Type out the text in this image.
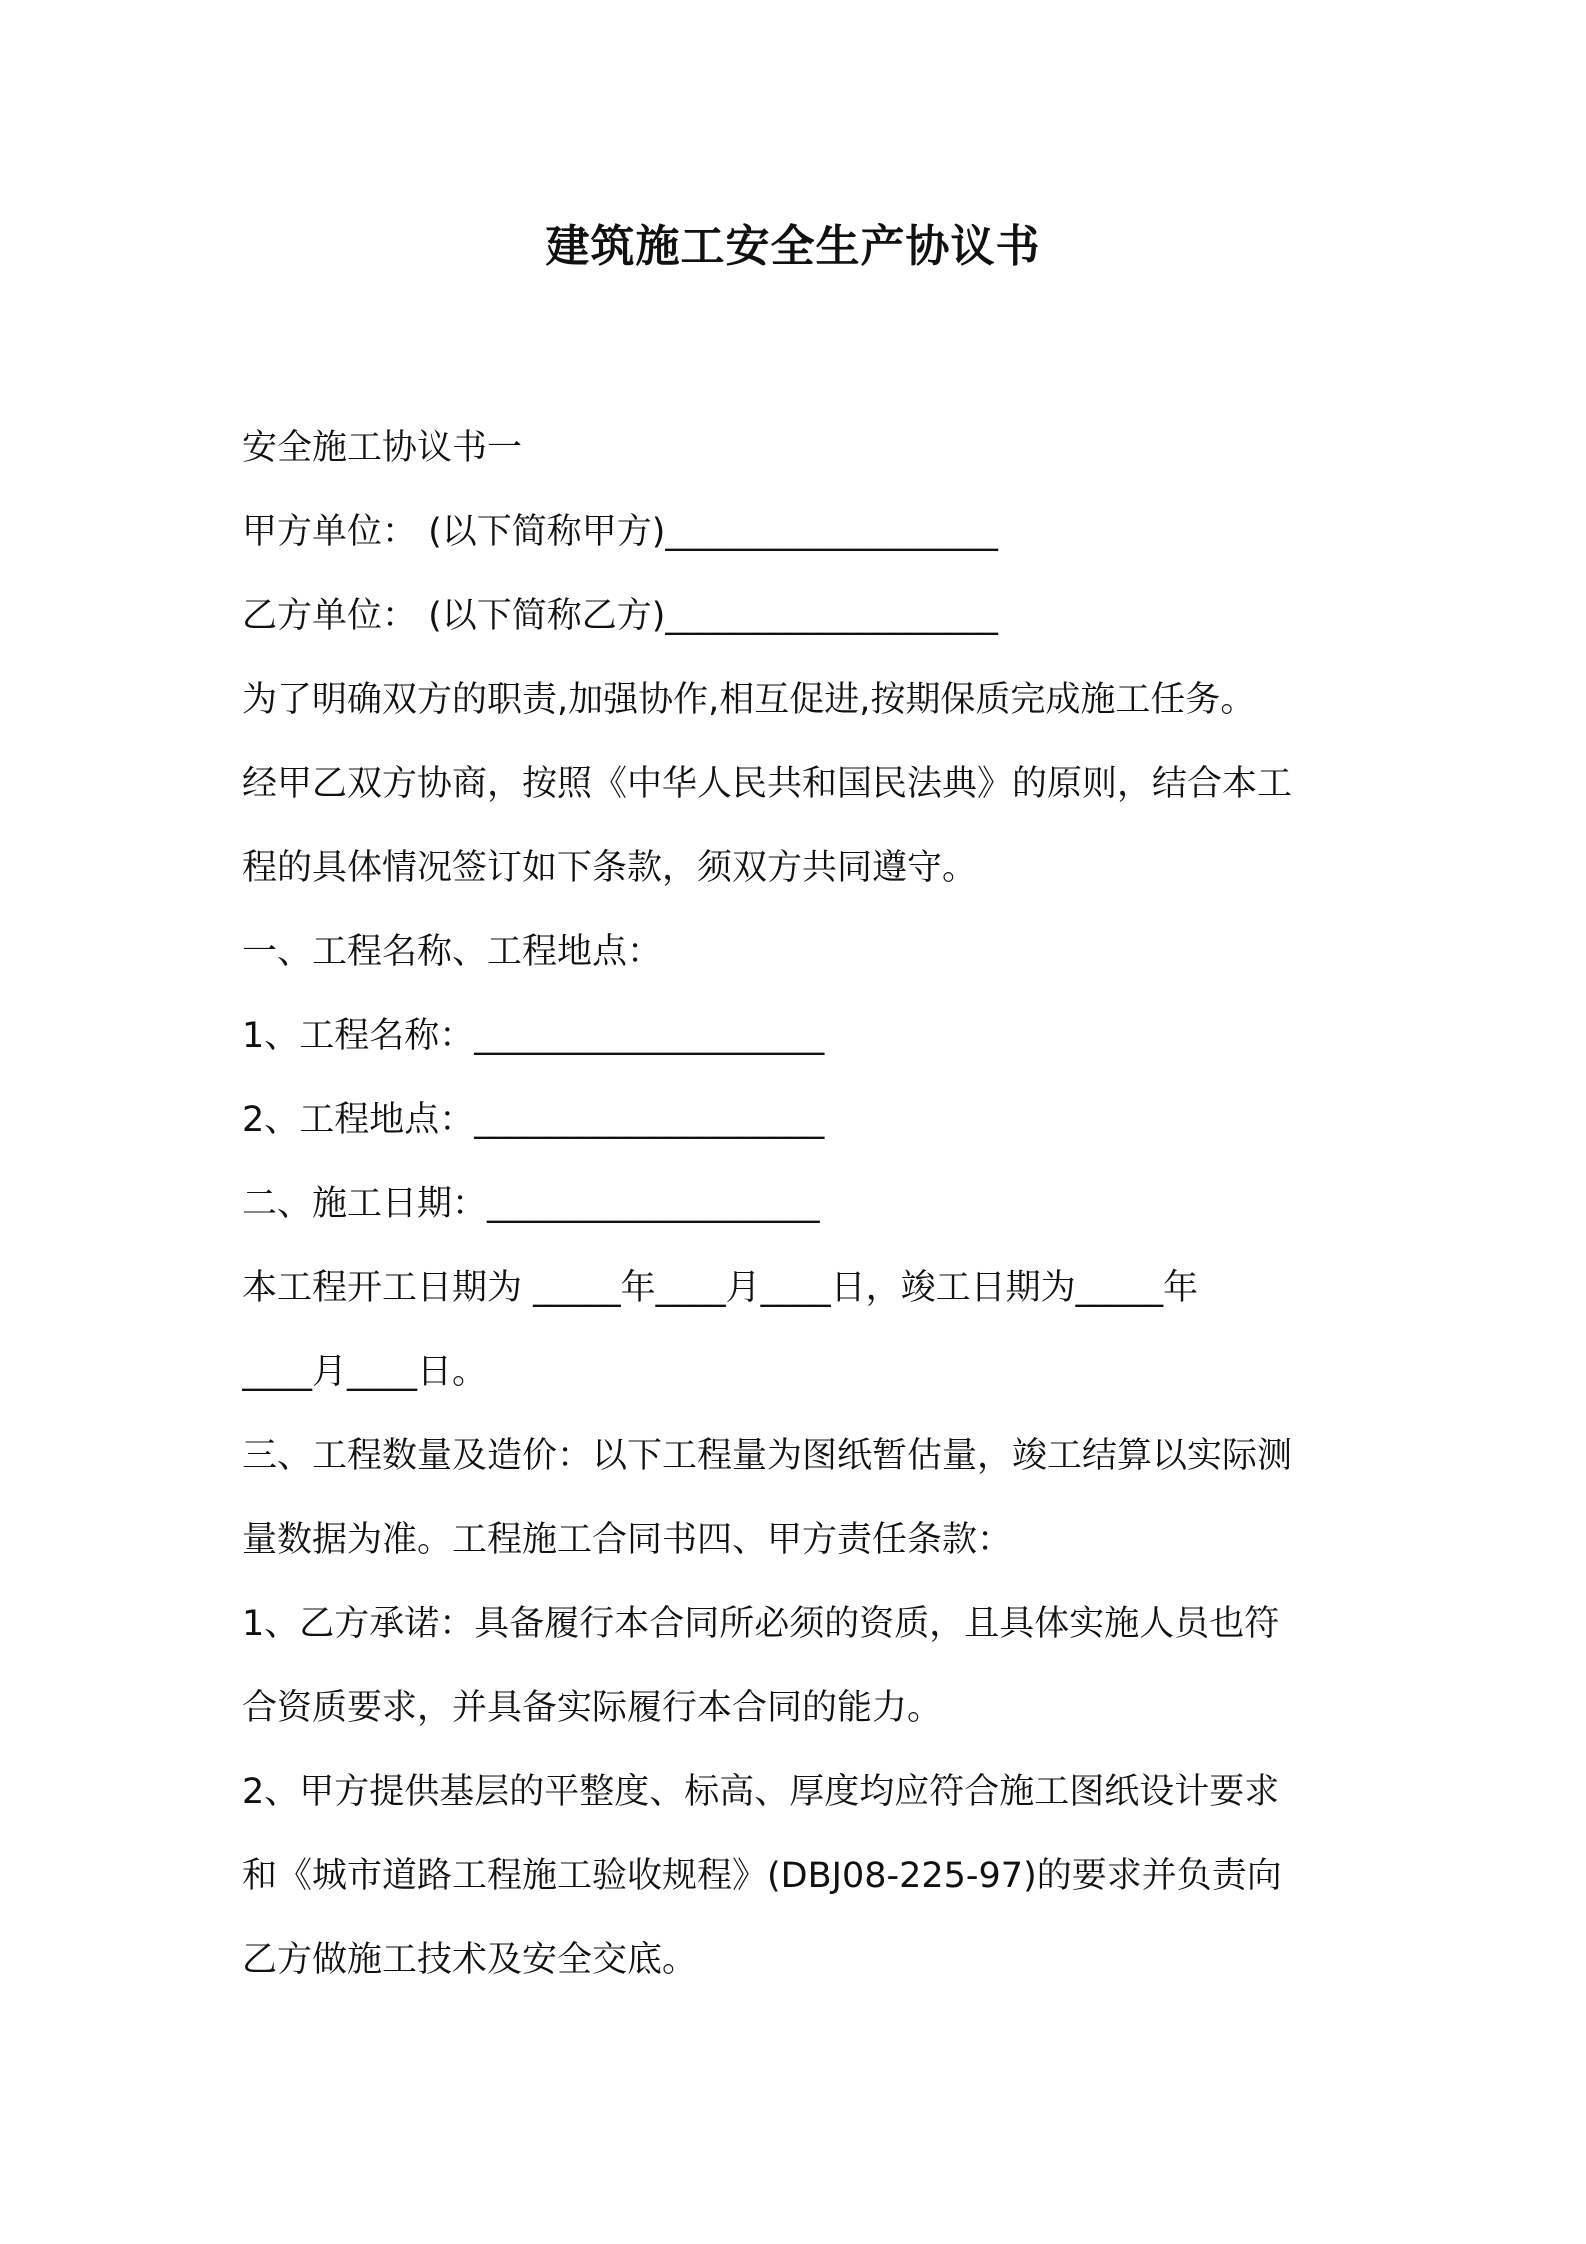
建筑施工安全生产协议书
安全施工协议书一
甲方单位： (以下简称甲方)___________________
乙方单位： (以下简称乙方)___________________
为了明确双方的职责,加强协作,相互促进,按期保质完成施工任务。
经甲乙双方协商，按照《中华人民共和国民法典》的原则，结合本工
程的具体情况签订如下条款，须双方共同遵守。
一、工程名称、工程地点：
1、工程名称：____________________
2、工程地点：____________________
二、施工日期：___________________
本工程开工日期为 _____年____月____日，竣工日期为_____年
____月____日。
三、工程数量及造价：以下工程量为图纸暂估量，竣工结算以实际测
量数据为准。工程施工合同书四、甲方责任条款：
1、乙方承诺：具备履行本合同所必须的资质，且具体实施人员也符
合资质要求，并具备实际履行本合同的能力。
2、甲方提供基层的平整度、标高、厚度均应符合施工图纸设计要求
和《城市道路工程施工验收规程》(DBJ08-225-97)的要求并负责向
乙方做施工技术及安全交底。
